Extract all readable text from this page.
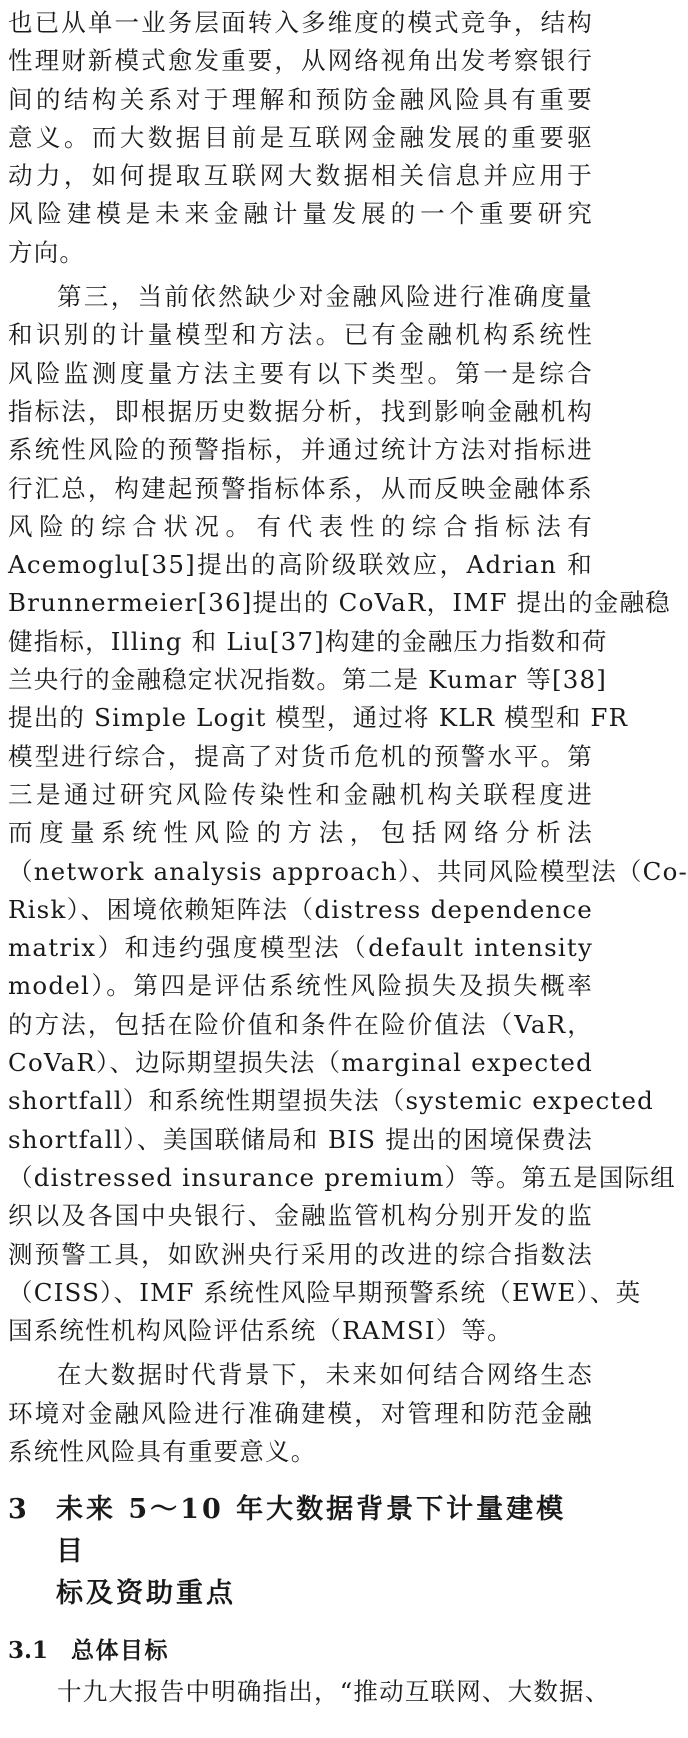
也已从单一业务层面转入多维度的模式竞争，结构
性理财新模式愈发重要，从网络视角出发考察银行
间的结构关系对于理解和预防金融风险具有重要
意义。而大数据目前是互联网金融发展的重要驱
动力，如何提取互联网大数据相关信息并应用于
风险建模是未来金融计量发展的一个重要研究
方向。

第三，当前依然缺少对金融风险进行准确度量
和识别的计量模型和方法。已有金融机构系统性
风险监测度量方法主要有以下类型。第一是综合
指标法，即根据历史数据分析，找到影响金融机构
系统性风险的预警指标，并通过统计方法对指标进
行汇总，构建起预警指标体系，从而反映金融体系
风险的综合状况。有代表性的综合指标法有
Acemoglu[35]提出的高阶级联效应，Adrian 和
Brunnermeier[36]提出的 CoVaR，IMF 提出的金融稳
健指标，Illing 和 Liu[37]构建的金融压力指数和荷
兰央行的金融稳定状况指数。第二是 Kumar 等[38]
提出的 Simple Logit 模型，通过将 KLR 模型和 FR
模型进行综合，提高了对货币危机的预警水平。第
三是通过研究风险传染性和金融机构关联程度进
而度量系统性风险的方法，包括网络分析法
（network analysis approach）、共同风险模型法（Co-
Risk）、困境依赖矩阵法（distress dependence
matrix）和违约强度模型法（default intensity
model）。第四是评估系统性风险损失及损失概率
的方法，包括在险价值和条件在险价值法（VaR，
CoVaR）、边际期望损失法（marginal expected
shortfall）和系统性期望损失法（systemic expected
shortfall）、美国联储局和 BIS 提出的困境保费法
（distressed insurance premium）等。第五是国际组
织以及各国中央银行、金融监管机构分别开发的监
测预警工具，如欧洲央行采用的改进的综合指数法
（CISS）、IMF 系统性风险早期预警系统（EWE）、英
国系统性机构风险评估系统（RAMSI）等。

在大数据时代背景下，未来如何结合网络生态
环境对金融风险进行准确建模，对管理和防范金融
系统性风险具有重要意义。

3	未来 5～10 年大数据背景下计量建模目
标及资助重点
3.1 总体目标

十九大报告中明确指出，“推动互联网、大数据、
